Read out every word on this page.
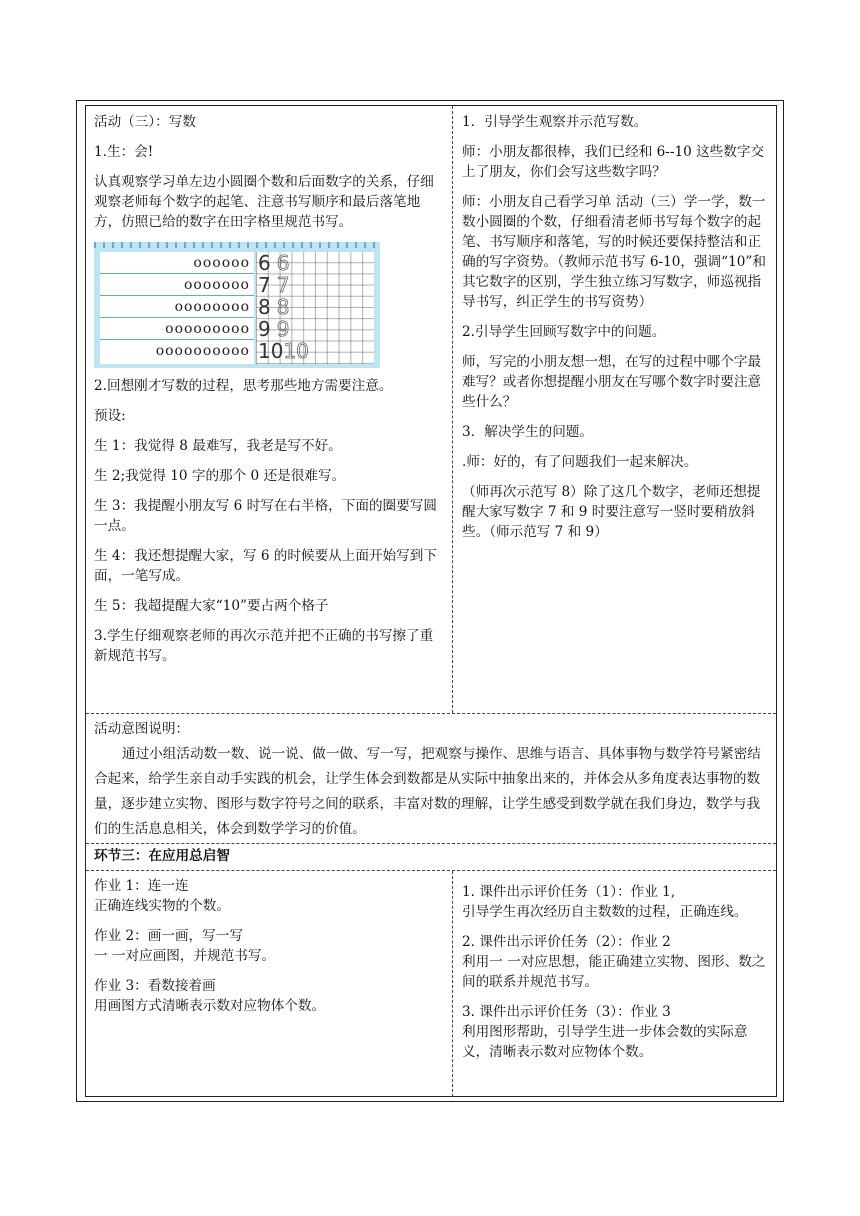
活动（三）：写数

1.生：会!

认真观察学习单左边小圆圈个数和后面数字的关系，仔细观察老师每个数字的起笔、注意书写顺序和最后落笔地方，仿照已给的数字在田字格里规范书写。

oooooo
ooooooo
oooooooo
ooooooooo
oooooooooo
66
77
88
99
1010

2.回想刚才写数的过程，思考那些地方需要注意。

预设:

生 1：我觉得 8 最难写，我老是写不好。

生 2;我觉得 10 字的那个 0 还是很难写。

生 3：我提醒小朋友写 6 时写在右半格，下面的圈要写圆一点。

生 4：我还想提醒大家，写 6 的时候要从上面开始写到下面，一笔写成。

生 5：我超提醒大家“10”要占两个格子

3.学生仔细观察老师的再次示范并把不正确的书写擦了重新规范书写。

1．引导学生观察并示范写数。

师：小朋友都很棒，我们已经和 6--10 这些数字交上了朋友，你们会写这些数字吗？

师：小朋友自己看学习单 活动（三）学一学，数一数小圆圈的个数，仔细看清老师书写每个数字的起笔、书写顺序和落笔，写的时候还要保持整洁和正确的写字资势。（教师示范书写 6-10，强调“10”和其它数字的区别，学生独立练习写数字，师巡视指导书写，纠正学生的书写资势）

2.引导学生回顾写数字中的问题。

师，写完的小朋友想一想，在写的过程中哪个字最难写？或者你想提醒小朋友在写哪个数字时要注意些什么？

3．解决学生的问题。

.师：好的，有了问题我们一起来解决。

（师再次示范写 8）除了这几个数字，老师还想提醒大家写数字 7 和 9 时要注意写一竖时要稍放斜些。（师示范写 7 和 9）

活动意图说明：
通过小组活动数一数、说一说、做一做、写一写，把观察与操作、思维与语言、具体事物与数学符号紧密结合起来，给学生亲自动手实践的机会，让学生体会到数都是从实际中抽象出来的，并体会从多角度表达事物的数量，逐步建立实物、图形与数字符号之间的联系，丰富对数的理解，让学生感受到数学就在我们身边，数学与我们的生活息息相关，体会到数学学习的价值。
环节三：在应用总启智

作业 1：连一连

正确连线实物的个数。

作业 2：画一画，写一写

一 一对应画图，并规范书写。

作业 3：看数接着画

用画图方式清晰表示数对应物体个数。

1. 课件出示评价任务（1）：作业 1,

引导学生再次经历自主数数的过程，正确连线。

2. 课件出示评价任务（2）：作业 2

利用一 一对应思想，能正确建立实物、图形、数之间的联系并规范书写。

3. 课件出示评价任务（3）：作业 3

利用图形帮助，引导学生进一步体会数的实际意义，清晰表示数对应物体个数。
